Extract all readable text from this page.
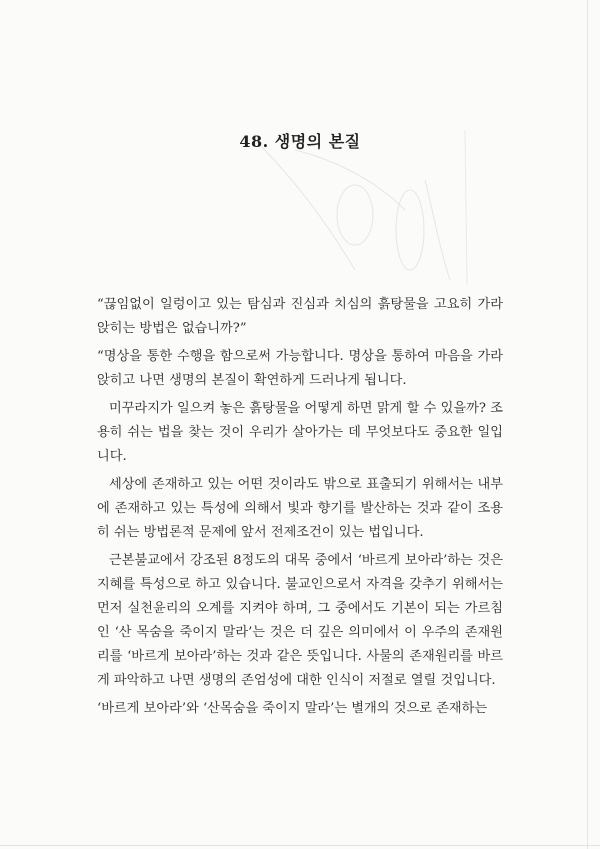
48. 생명의 본질

“끊임없이 일렁이고 있는 탐심과 진심과 치심의 흙탕물을 고요히 가라앉히는 방법은 없습니까?”

“명상을 통한 수행을 함으로써 가능합니다. 명상을 통하여 마음을 가라앉히고 나면 생명의 본질이 확연하게 드러나게 됩니다.

미꾸라지가 일으켜 놓은 흙탕물을 어떻게 하면 맑게 할 수 있을까? 조용히 쉬는 법을 찾는 것이 우리가 살아가는 데 무엇보다도 중요한 일입니다.

세상에 존재하고 있는 어떤 것이라도 밖으로 표출되기 위해서는 내부에 존재하고 있는 특성에 의해서 빛과 향기를 발산하는 것과 같이 조용히 쉬는 방법론적 문제에 앞서 전제조건이 있는 법입니다.

근본불교에서 강조된 8정도의 대목 중에서 ‘바르게 보아라’하는 것은 지혜를 특성으로 하고 있습니다. 불교인으로서 자격을 갖추기 위해서는 먼저 실천윤리의 오계를 지켜야 하며, 그 중에서도 기본이 되는 가르침인 ‘산 목숨을 죽이지 말라’는 것은 더 깊은 의미에서 이 우주의 존재원리를 ‘바르게 보아라’하는 것과 같은 뜻입니다. 사물의 존재원리를 바르게 파악하고 나면 생명의 존엄성에 대한 인식이 저절로 열릴 것입니다.

‘바르게 보아라’와 ‘산목숨을 죽이지 말라’는 별개의 것으로 존재하는
